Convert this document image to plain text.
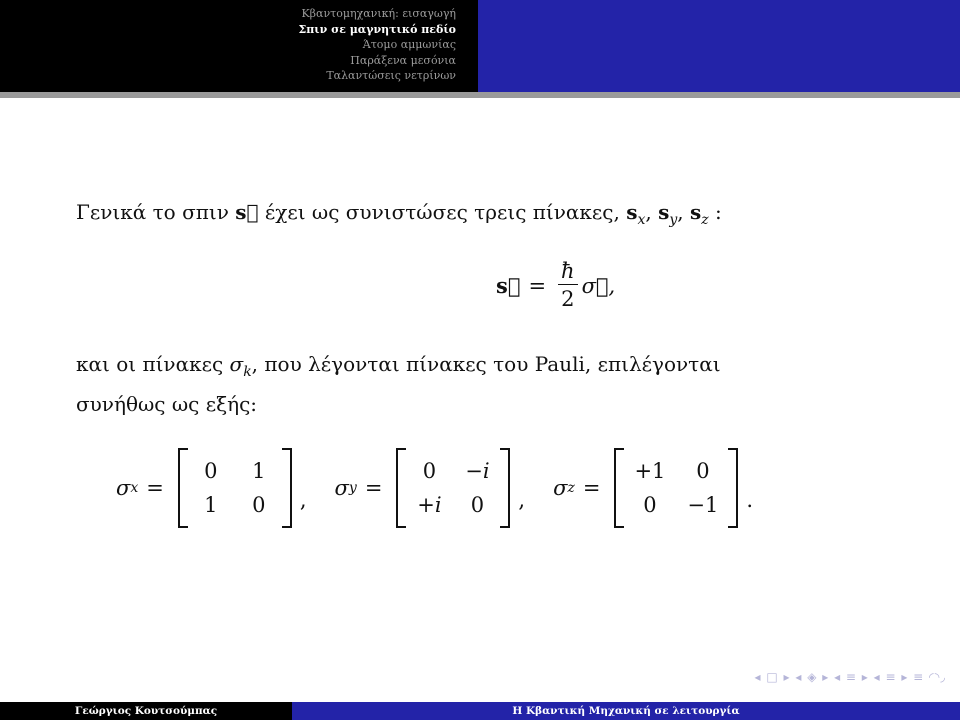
Κβαντομηχανική: εισαγωγή
Σπιν σε μαγνητικό πεδίο
Άτομο αμμωνίας
Παράξενα μεσόνια
Ταλαντώσεις νετρίνων
Γενικά το σπιν s⃗ έχει ως συνιστώσες τρεις πίνακες, $s_x$, $s_y$, $s_z$ :
s⃗ = $\frac{ħ}{2}$ σ⃗,
και οι πίνακες $\sigma_k$, που λέγονται πίνακες του Pauli, επιλέγονται
συνήθως ως εξής:
σ x =
0	1
1	0	, σ y =
0	−i
+i	0	, σ z =
+1	0
0	−1 .
◂ □ ▸ ◂ ◈ ▸ ◂ ≡ ▸ ◂ ≡ ▸ ≡ ◜◝◞
Γεώργιος Κουτσούμπας	Η Κβαντική Μηχανική σε λειτουργία
